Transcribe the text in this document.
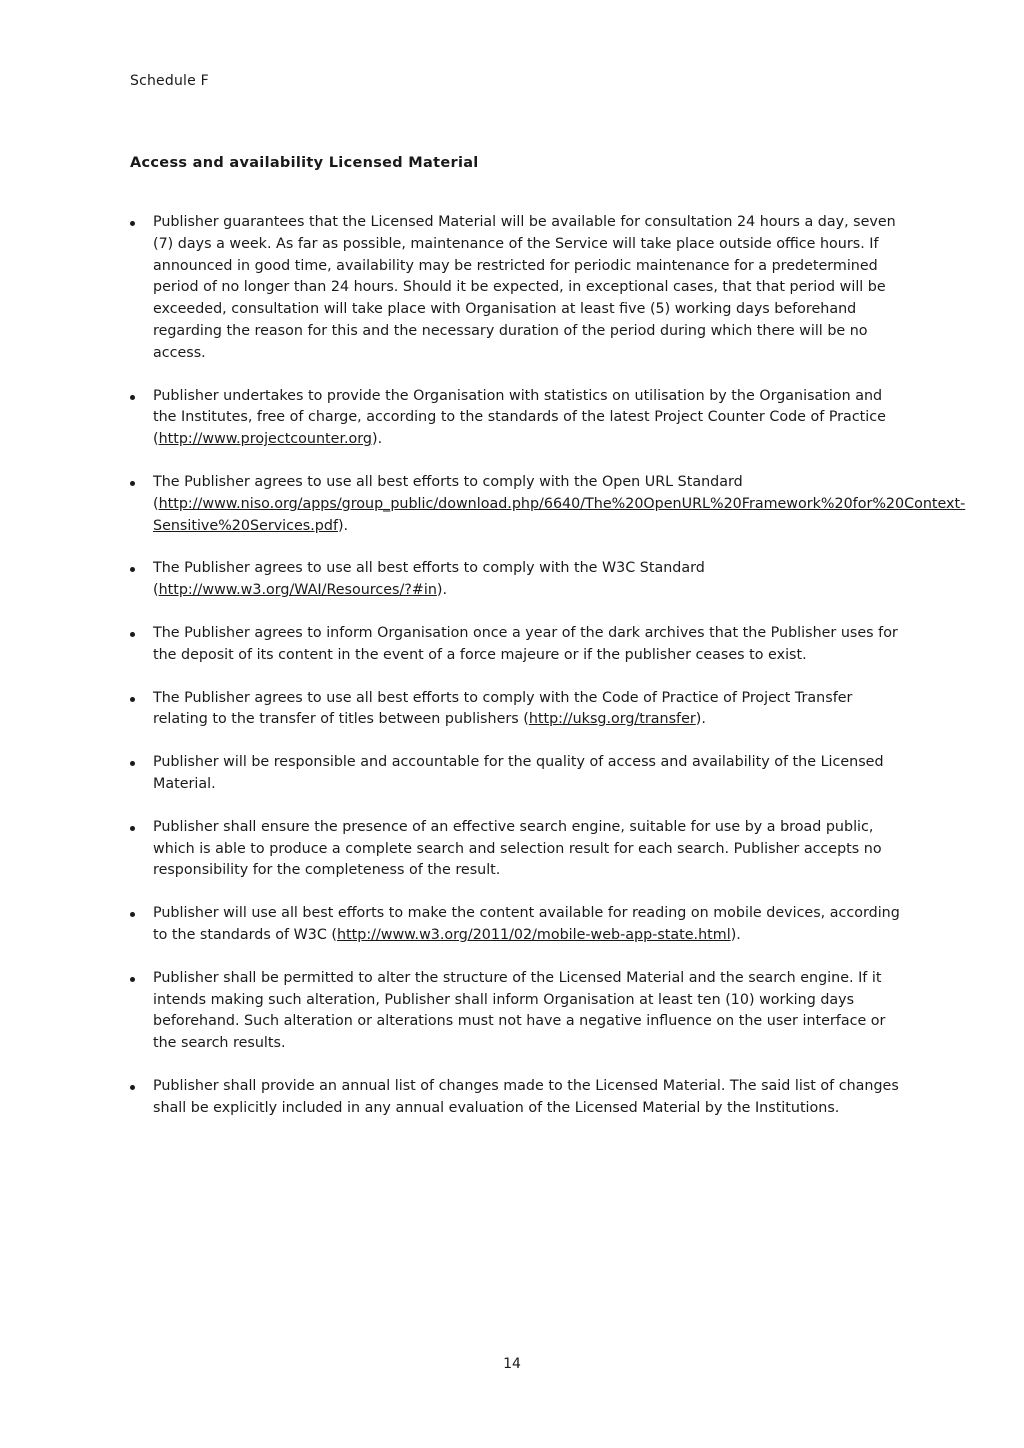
Schedule F

Access and availability Licensed Material
Publisher guarantees that the Licensed Material will be available for consultation 24 hours a day, seven (7) days a week. As far as possible, maintenance of the Service will take place outside office hours. If announced in good time, availability may be restricted for periodic maintenance for a predetermined period of no longer than 24 hours. Should it be expected, in exceptional cases, that that period will be exceeded, consultation will take place with Organisation at least five (5) working days beforehand regarding the reason for this and the necessary duration of the period during which there will be no access.
Publisher undertakes to provide the Organisation with statistics on utilisation by the Organisation and the Institutes, free of charge, according to the standards of the latest Project Counter Code of Practice (http://www.projectcounter.org).
The Publisher agrees to use all best efforts to comply with the Open URL Standard (http://www.niso.org/apps/group_public/download.php/6640/The%20OpenURL%20Framework%20for%20Context-Sensitive%20Services.pdf).
The Publisher agrees to use all best efforts to comply with the W3C Standard (http://www.w3.org/WAI/Resources/?#in).
The Publisher agrees to inform Organisation once a year of the dark archives that the Publisher uses for the deposit of its content in the event of a force majeure or if the publisher ceases to exist.
The Publisher agrees to use all best efforts to comply with the Code of Practice of Project Transfer relating to the transfer of titles between publishers (http://uksg.org/transfer).
Publisher will be responsible and accountable for the quality of access and availability of the Licensed Material.
Publisher shall ensure the presence of an effective search engine, suitable for use by a broad public, which is able to produce a complete search and selection result for each search. Publisher accepts no responsibility for the completeness of the result.
Publisher will use all best efforts to make the content available for reading on mobile devices, according to the standards of W3C (http://www.w3.org/2011/02/mobile-web-app-state.html).
Publisher shall be permitted to alter the structure of the Licensed Material and the search engine. If it intends making such alteration, Publisher shall inform Organisation at least ten (10) working days beforehand. Such alteration or alterations must not have a negative influence on the user interface or the search results.
Publisher shall provide an annual list of changes made to the Licensed Material. The said list of changes shall be explicitly included in any annual evaluation of the Licensed Material by the Institutions.
14
